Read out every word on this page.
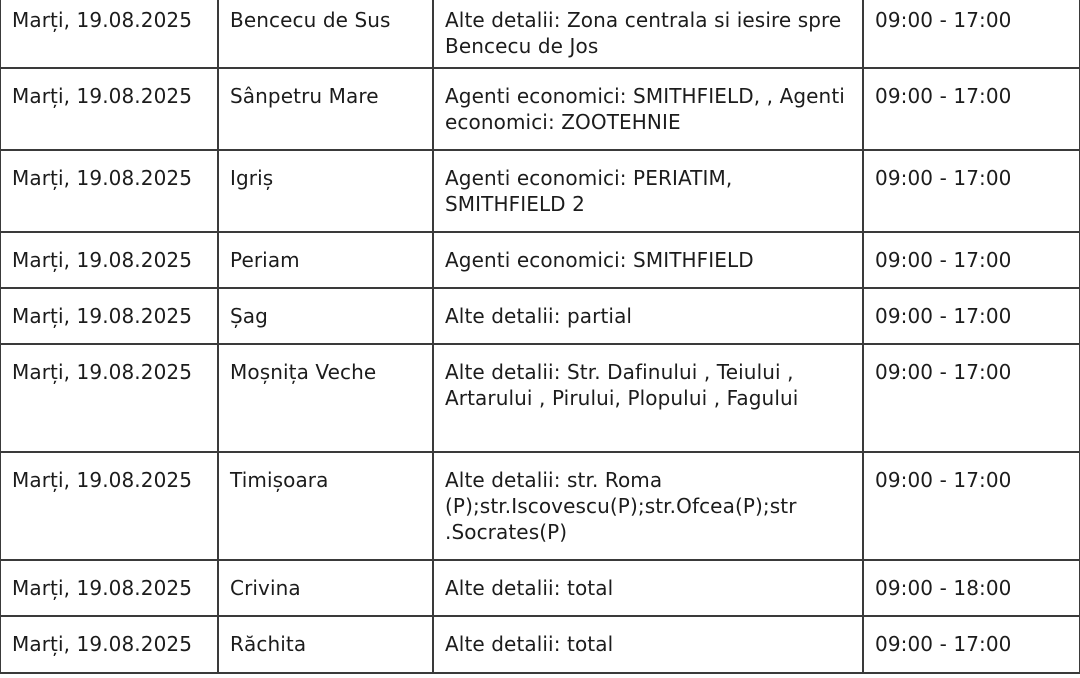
Marți, 19.08.2025	Bencecu de Sus	Alte detalii: Zona centrala si iesire spre Bencecu de Jos	09:00 - 17:00
Marți, 19.08.2025	Sânpetru Mare	Agenti economici: SMITHFIELD, , Agenti economici: ZOOTEHNIE	09:00 - 17:00
Marți, 19.08.2025	Igriș	Agenti economici: PERIATIM, SMITHFIELD 2	09:00 - 17:00
Marți, 19.08.2025	Periam	Agenti economici: SMITHFIELD	09:00 - 17:00
Marți, 19.08.2025	Șag	Alte detalii: partial	09:00 - 17:00
Marți, 19.08.2025	Moșnița Veche	Alte detalii: Str. Dafinului , Teiului , Artarului , Pirului, Plopului , Fagului	09:00 - 17:00
Marți, 19.08.2025	Timișoara	Alte detalii: str. Roma (P);str.Iscovescu(P);str.Ofcea(P);str .Socrates(P)	09:00 - 17:00
Marți, 19.08.2025	Crivina	Alte detalii: total	09:00 - 18:00
Marți, 19.08.2025	Răchita	Alte detalii: total	09:00 - 17:00
